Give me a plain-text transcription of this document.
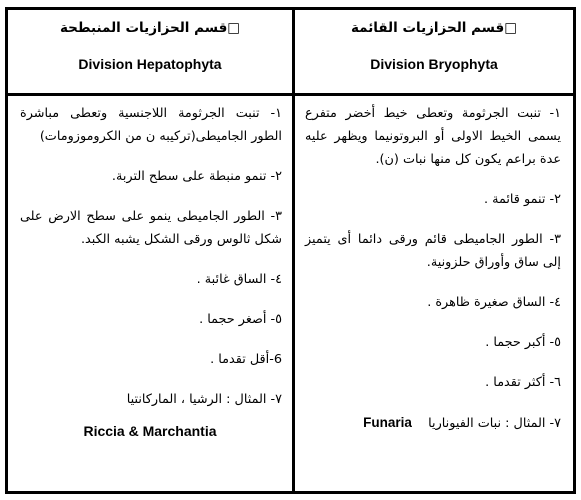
□قسم الحزازيات المنبطحة
Division Hepatophyta
□قسم الحزازيات القائمة
Division Bryophyta
١- تنبت الجرثومة اللاجنسية وتعطى مباشرة الطور الجاميطى(تركيبه ن من الكروموزومات)
٢- تنمو منبطة على سطح التربة.
٣- الطور الجاميطى ينمو على سطح الارض على شكل ثالوس ورقى الشكل يشبه الكبد.
٤- الساق غائبة .
٥- أصغر حجما .
6-أقل تقدما .
٧- المثال : الرشيا ، الماركانتيا
Riccia & Marchantia
١- تنبت الجرثومة وتعطى خيط أخضر متفرع يسمى الخيط الاولى أو البروتونيما ويظهر عليه عدة براعم يكون كل منها نبات (ن).
٢- تنمو قائمة .
٣- الطور الجاميطى قائم ورقى دائما أى يتميز إلى ساق وأوراق حلزونية.
٤- الساق صغيرة ظاهرة .
٥- أكبر حجما .
٦- أكثر تقدما .
٧- المثال : نبات الفيوناريا    Funaria
